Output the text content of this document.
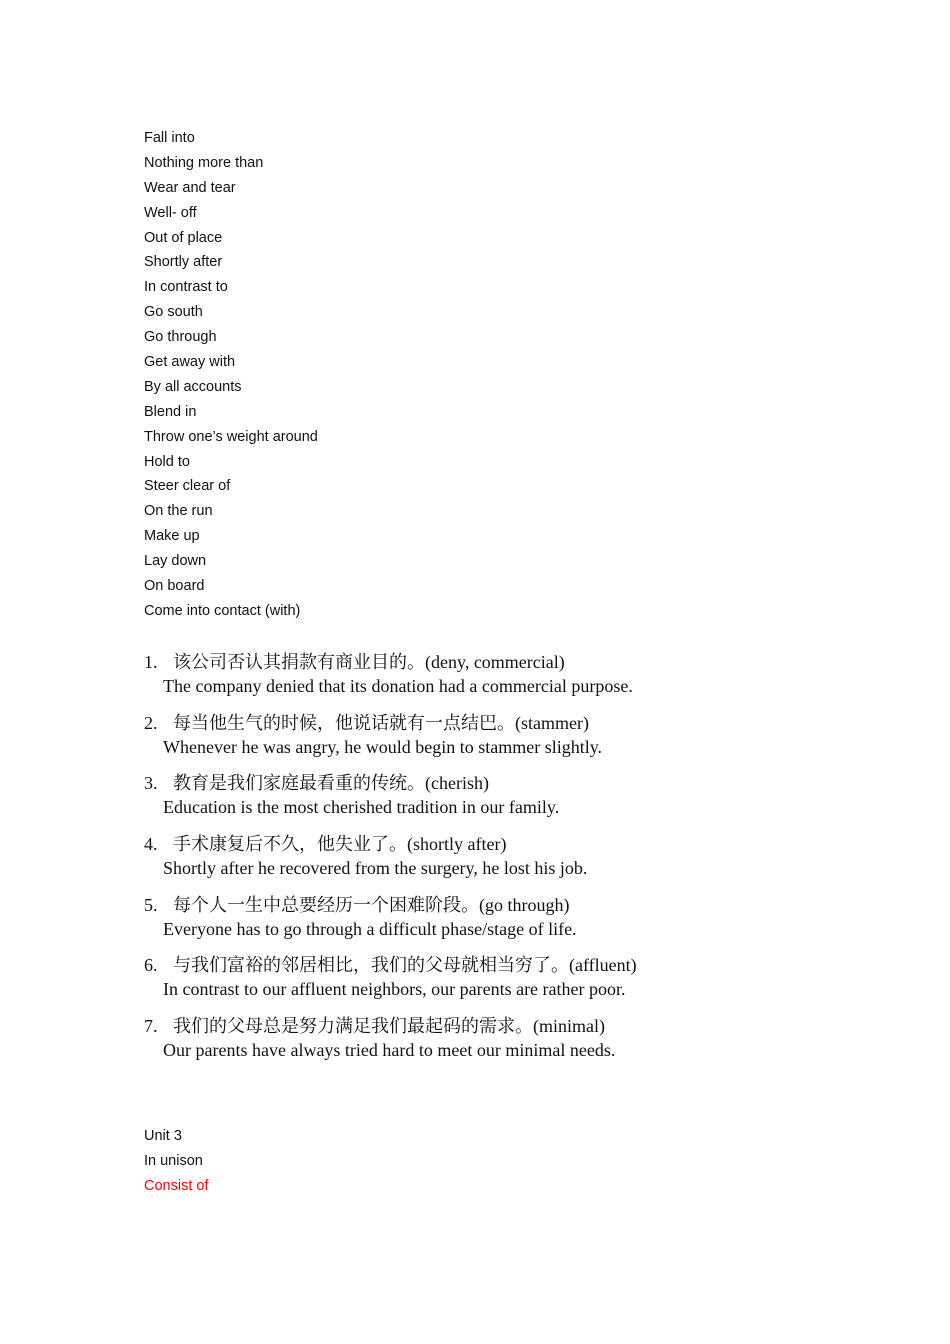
Fall into
Nothing more than
Wear and tear
Well- off
Out of place
Shortly after
In contrast to
Go south
Go through
Get away with
By all accounts
Blend in
Throw one’s weight around
Hold to
Steer clear of
On the run
Make up
Lay down
On board
Come into contact (with)
1. 该公司否认其捐款有商业目的。(deny, commercial)
The company denied that its donation had a commercial purpose.
2. 每当他生气的时候，他说话就有一点结巴。(stammer)
Whenever he was angry, he would begin to stammer slightly.
3. 教育是我们家庭最看重的传统。(cherish)
Education is the most cherished tradition in our family.
4. 手术康复后不久，他失业了。(shortly after)
Shortly after he recovered from the surgery, he lost his job.
5. 每个人一生中总要经历一个困难阶段。(go through)
Everyone has to go through a difficult phase/stage of life.
6. 与我们富裕的邻居相比，我们的父母就相当穷了。(affluent)
In contrast to our affluent neighbors, our parents are rather poor.
7. 我们的父母总是努力满足我们最起码的需求。(minimal)
Our parents have always tried hard to meet our minimal needs.
Unit 3
In unison
Consist of
